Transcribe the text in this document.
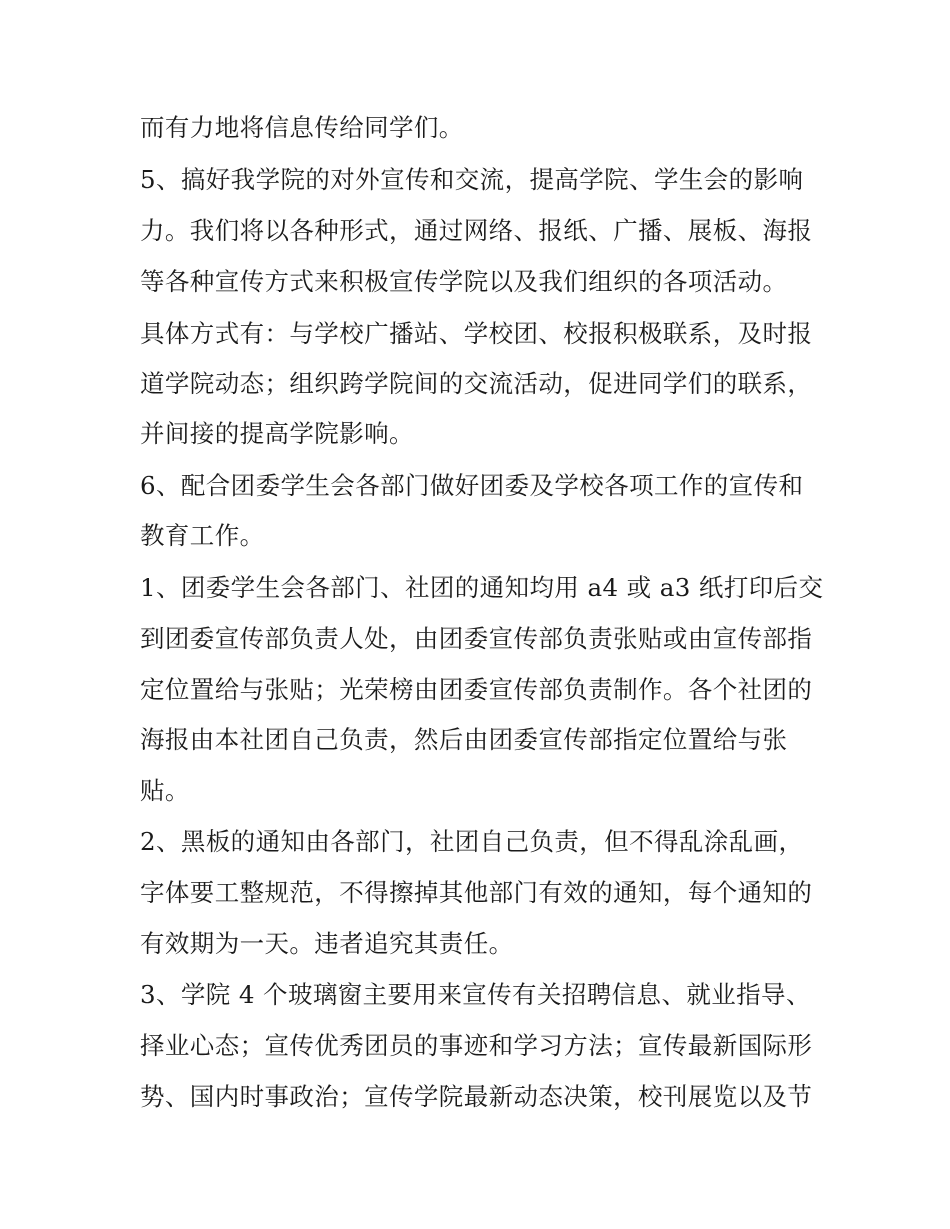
而有力地将信息传给同学们。
5、搞好我学院的对外宣传和交流，提高学院、学生会的影响
力。我们将以各种形式，通过网络、报纸、广播、展板、海报
等各种宣传方式来积极宣传学院以及我们组织的各项活动。
具体方式有：与学校广播站、学校团、校报积极联系，及时报
道学院动态；组织跨学院间的交流活动，促进同学们的联系，
并间接的提高学院影响。
6、配合团委学生会各部门做好团委及学校各项工作的宣传和
教育工作。
1、团委学生会各部门、社团的通知均用 a4 或 a3 纸打印后交
到团委宣传部负责人处，由团委宣传部负责张贴或由宣传部指
定位置给与张贴；光荣榜由团委宣传部负责制作。各个社团的
海报由本社团自己负责，然后由团委宣传部指定位置给与张
贴。
2、黑板的通知由各部门，社团自己负责，但不得乱涂乱画，
字体要工整规范，不得擦掉其他部门有效的通知，每个通知的
有效期为一天。违者追究其责任。
3、学院 4 个玻璃窗主要用来宣传有关招聘信息、就业指导、
择业心态；宣传优秀团员的事迹和学习方法；宣传最新国际形
势、国内时事政治；宣传学院最新动态决策，校刊展览以及节
